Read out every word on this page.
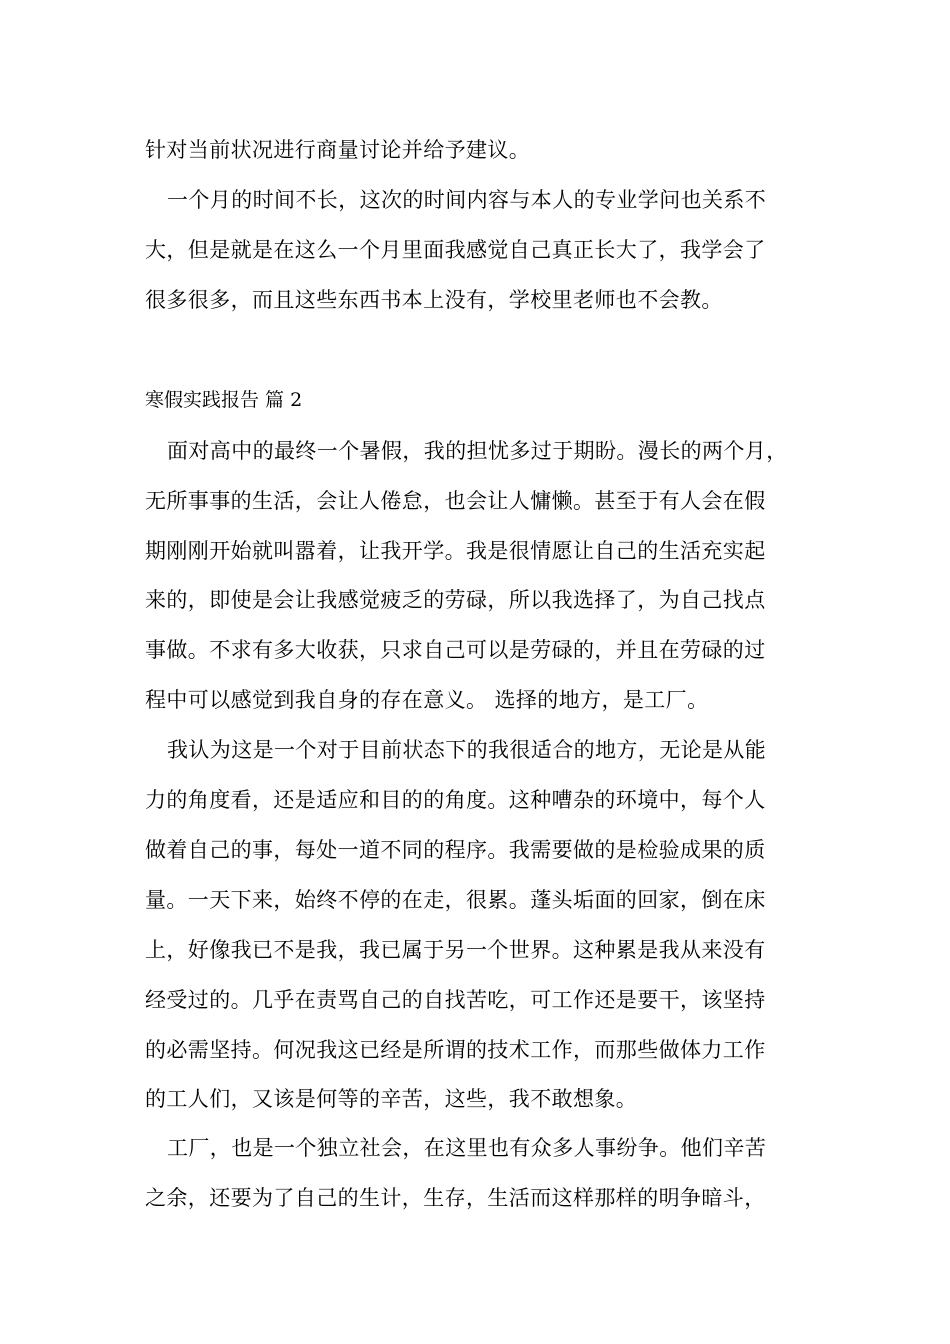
针对当前状况进行商量讨论并给予建议。
一个月的时间不长，这次的时间内容与本人的专业学问也关系不
大，但是就是在这么一个月里面我感觉自己真正长大了，我学会了
很多很多，而且这些东西书本上没有，学校里老师也不会教。
寒假实践报告 篇 2
面对高中的最终一个暑假，我的担忧多过于期盼。漫长的两个月，
无所事事的生活，会让人倦怠，也会让人慵懒。甚至于有人会在假
期刚刚开始就叫嚣着，让我开学。我是很情愿让自己的生活充实起
来的，即使是会让我感觉疲乏的劳碌，所以我选择了，为自己找点
事做。不求有多大收获，只求自己可以是劳碌的，并且在劳碌的过
程中可以感觉到我自身的存在意义。 选择的地方，是工厂。
我认为这是一个对于目前状态下的我很适合的地方，无论是从能
力的角度看，还是适应和目的的角度。这种嘈杂的环境中，每个人
做着自己的事，每处一道不同的程序。我需要做的是检验成果的质
量。一天下来，始终不停的在走，很累。蓬头垢面的回家，倒在床
上，好像我已不是我，我已属于另一个世界。这种累是我从来没有
经受过的。几乎在责骂自己的自找苦吃，可工作还是要干，该坚持
的必需坚持。何况我这已经是所谓的技术工作，而那些做体力工作
的工人们，又该是何等的辛苦，这些，我不敢想象。
工厂，也是一个独立社会，在这里也有众多人事纷争。他们辛苦
之余，还要为了自己的生计，生存，生活而这样那样的明争暗斗，
